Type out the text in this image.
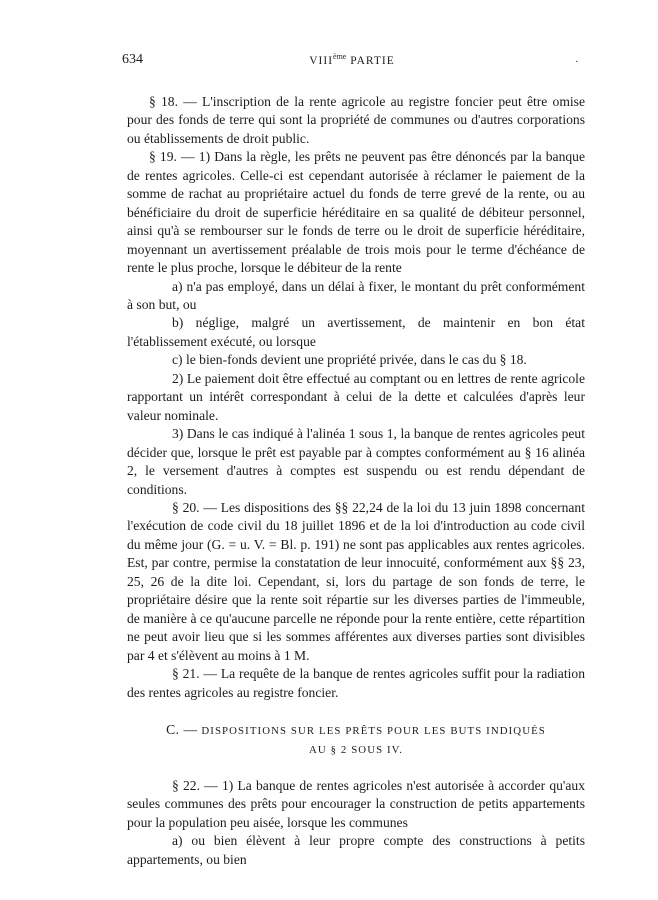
634	VIIIème PARTIE	.

§ 18. — L'inscription de la rente agricole au registre foncier peut être omise pour des fonds de terre qui sont la propriété de communes ou d'autres corporations ou établissements de droit public.

§ 19. — 1) Dans la règle, les prêts ne peuvent pas être dénoncés par la banque de rentes agricoles. Celle-ci est cependant autorisée à réclamer le paiement de la somme de rachat au propriétaire actuel du fonds de terre grevé de la rente, ou au bénéficiaire du droit de superficie héréditaire en sa qualité de débiteur personnel, ainsi qu'à se rembourser sur le fonds de terre ou le droit de superficie héréditaire, moyennant un avertissement préalable de trois mois pour le terme d'échéance de rente le plus proche, lorsque le débiteur de la rente

a) n'a pas employé, dans un délai à fixer, le montant du prêt conformément à son but, ou

b) néglige, malgré un avertissement, de maintenir en bon état l'établissement exécuté, ou lorsque

c) le bien-fonds devient une propriété privée, dans le cas du § 18.

2) Le paiement doit être effectué au comptant ou en lettres de rente agricole rapportant un intérêt correspondant à celui de la dette et calculées d'après leur valeur nominale.

3) Dans le cas indiqué à l'alinéa 1 sous 1, la banque de rentes agricoles peut décider que, lorsque le prêt est payable par à comptes conformément au § 16 alinéa 2, le versement d'autres à comptes est suspendu ou est rendu dépendant de conditions.

§ 20. — Les dispositions des §§ 22,24 de la loi du 13 juin 1898 concernant l'exécution de code civil du 18 juillet 1896 et de la loi d'introduction au code civil du même jour (G. = u. V. = Bl. p. 191) ne sont pas applicables aux rentes agricoles. Est, par contre, permise la constatation de leur innocuité, conformément aux §§ 23, 25, 26 de la dite loi. Cependant, si, lors du partage de son fonds de terre, le propriétaire désire que la rente soit répartie sur les diverses parties de l'immeuble, de manière à ce qu'aucune parcelle ne réponde pour la rente entière, cette répartition ne peut avoir lieu que si les sommes afférentes aux diverses parties sont divisibles par 4 et s'élèvent au moins à 1 M.

§ 21. — La requête de la banque de rentes agricoles suffit pour la radiation des rentes agricoles au registre foncier.

C. — DISPOSITIONS SUR LES PRÊTS POUR LES BUTS INDIQUÉS
AU § 2 SOUS IV.

§ 22. — 1) La banque de rentes agricoles n'est autorisée à accorder qu'aux seules communes des prêts pour encourager la construction de petits appartements pour la population peu aisée, lorsque les communes

a) ou bien élèvent à leur propre compte des constructions à petits appartements, ou bien
